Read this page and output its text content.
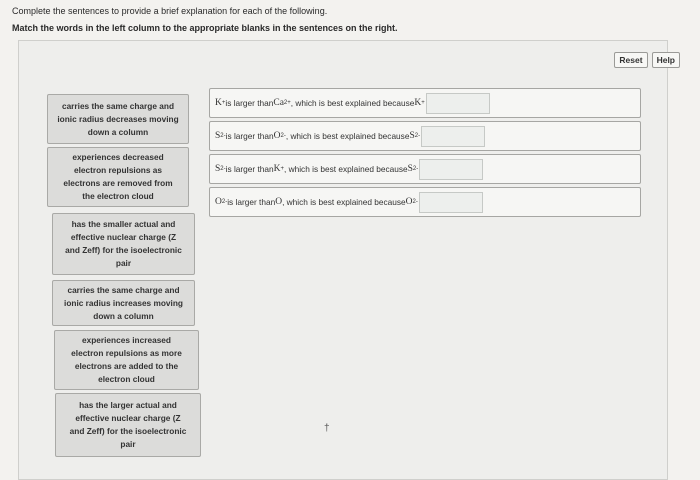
Complete the sentences to provide a brief explanation for each of the following.
Match the words in the left column to the appropriate blanks in the sentences on the right.
Reset	Help
carries the same charge and
ionic radius decreases moving
down a column
experiences decreased
electron repulsions as
electrons are removed from
the electron cloud
has the smaller actual and
effective nuclear charge (Z
and Zeff) for the isoelectronic
pair
carries the same charge and
ionic radius increases moving
down a column
experiences increased
electron repulsions as more
electrons are added to the
electron cloud
has the larger actual and
effective nuclear charge (Z
and Zeff) for the isoelectronic
pair
K + is larger than Ca 2+ , which is best explained because K +
S 2- is larger than O 2- , which is best explained because S 2-
S 2- is larger than K + , which is best explained because S 2-
O 2- is larger than O , which is best explained because O 2-
†
